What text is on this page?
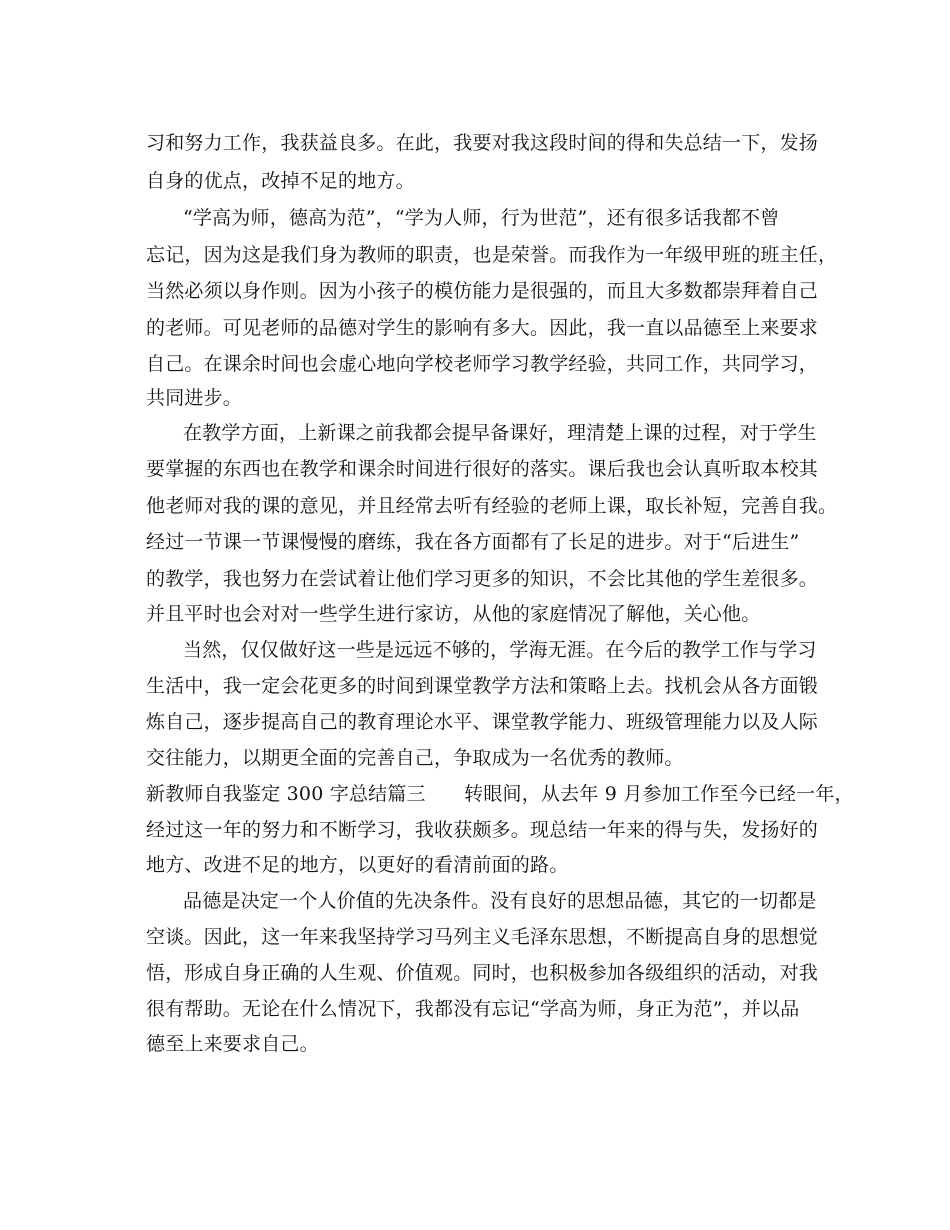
习和努力工作，我获益良多。在此，我要对我这段时间的得和失总结一下，发扬
自身的优点，改掉不足的地方。
“学高为师，德高为范”，“学为人师，行为世范”，还有很多话我都不曾
忘记，因为这是我们身为教师的职责，也是荣誉。而我作为一年级甲班的班主任，
当然必须以身作则。因为小孩子的模仿能力是很强的，而且大多数都崇拜着自己
的老师。可见老师的品德对学生的影响有多大。因此，我一直以品德至上来要求
自己。在课余时间也会虚心地向学校老师学习教学经验，共同工作，共同学习，
共同进步。
在教学方面，上新课之前我都会提早备课好，理清楚上课的过程，对于学生
要掌握的东西也在教学和课余时间进行很好的落实。课后我也会认真听取本校其
他老师对我的课的意见，并且经常去听有经验的老师上课，取长补短，完善自我。
经过一节课一节课慢慢的磨练，我在各方面都有了长足的进步。对于“后进生”
的教学，我也努力在尝试着让他们学习更多的知识，不会比其他的学生差很多。
并且平时也会对对一些学生进行家访，从他的家庭情况了解他，关心他。
当然，仅仅做好这一些是远远不够的，学海无涯。在今后的教学工作与学习
生活中，我一定会花更多的时间到课堂教学方法和策略上去。找机会从各方面锻
炼自己，逐步提高自己的教育理论水平、课堂教学能力、班级管理能力以及人际
交往能力，以期更全面的完善自己，争取成为一名优秀的教师。
新教师自我鉴定 300 字总结篇三　　转眼间，从去年 9 月参加工作至今已经一年，
经过这一年的努力和不断学习，我收获颇多。现总结一年来的得与失，发扬好的
地方、改进不足的地方，以更好的看清前面的路。
品德是决定一个人价值的先决条件。没有良好的思想品德，其它的一切都是
空谈。因此，这一年来我坚持学习马列主义毛泽东思想，不断提高自身的思想觉
悟，形成自身正确的人生观、价值观。同时，也积极参加各级组织的活动，对我
很有帮助。无论在什么情况下，我都没有忘记“学高为师，身正为范”，并以品
德至上来要求自己。
